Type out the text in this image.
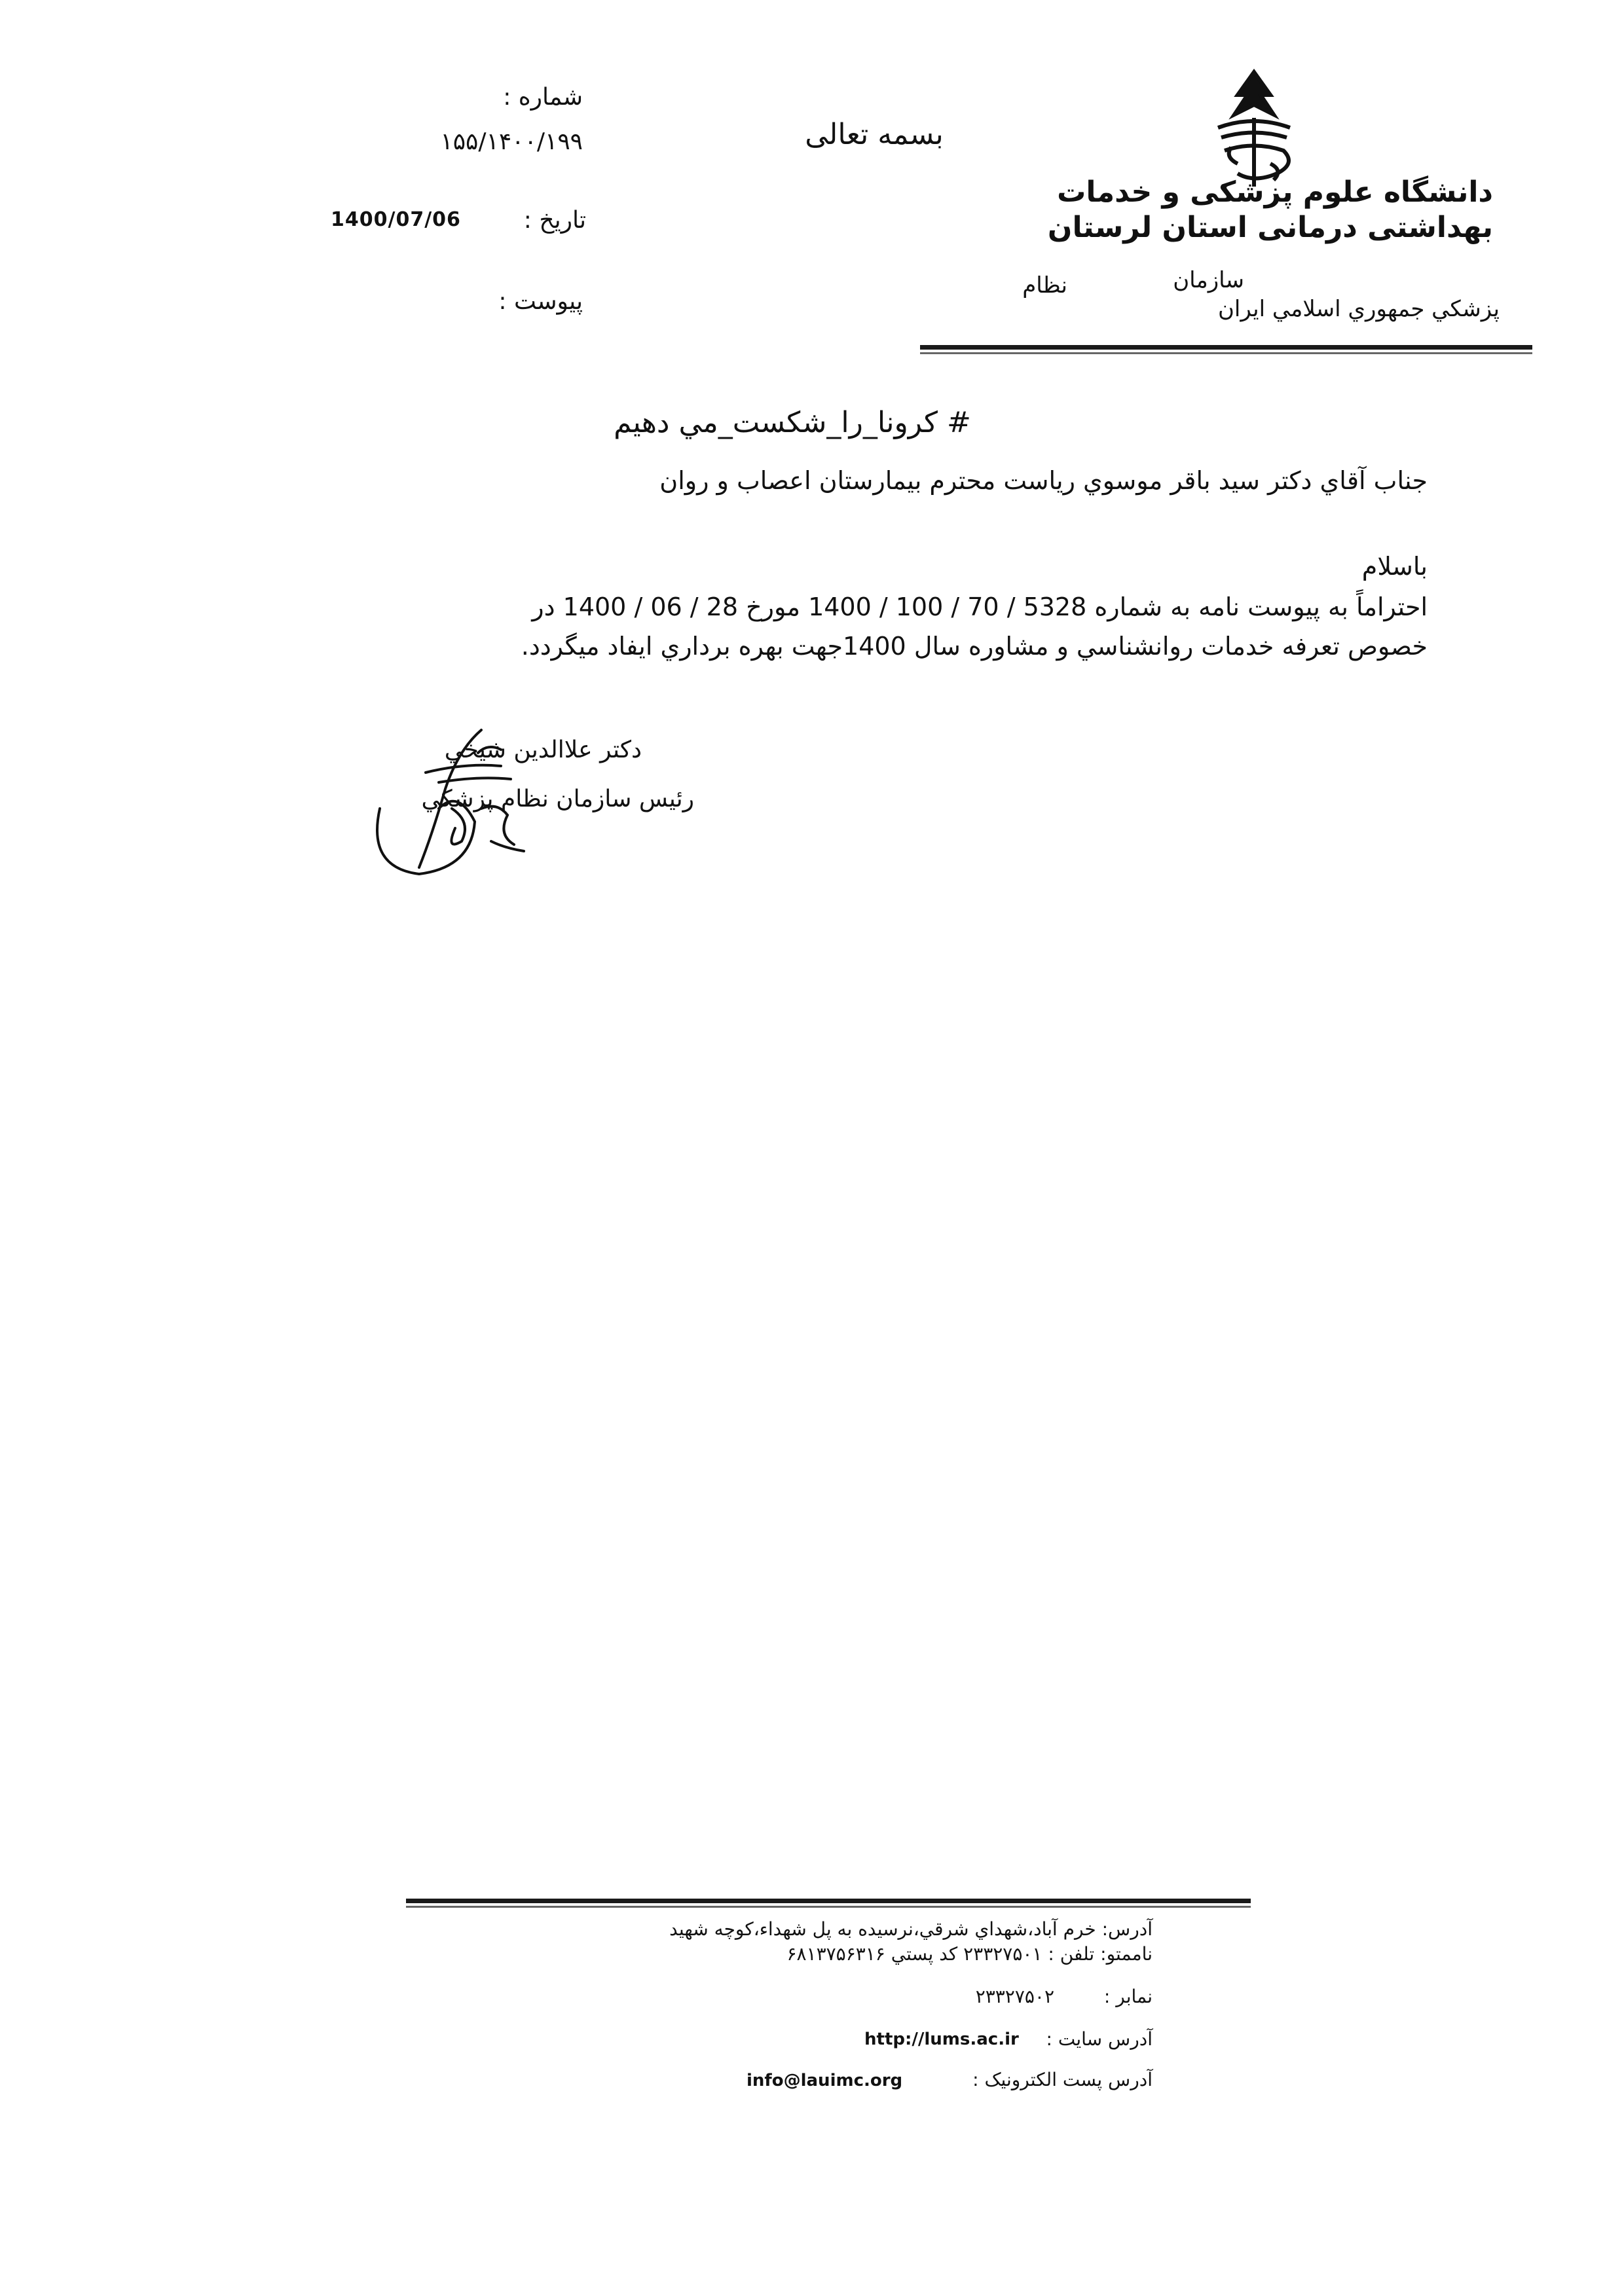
شماره :
۱۵۵/۱۴۰۰/۱۹۹
تاریخ :
1400/07/06
پیوست :
بسمه تعالی
دانشگاه علوم پزشکی و خدمات
بهداشتی درمانی استان لرستان
سازمان
نظام
پزشكي جمهوري اسلامي ايران
# كرونا_را_شكست_مي دهيم
جناب آقاي دكتر سيد باقر موسوي رياست محترم بيمارستان اعصاب و روان
باسلام
احتراماً به پيوست نامه به شماره 5328 / 70 / 100 / 1400 مورخ 28 / 06 / 1400 در
خصوص تعرفه خدمات روانشناسي و مشاوره سال 1400جهت بهره برداري ايفاد ميگردد.
دكتر علاالدين شيخي
رئيس سازمان نظام پزشكي
آدرس: خرم آباد،شهداي شرقي،نرسيده به پل شهداء،كوچه شهيد
ناممتو: تلفن : ۲۳۳۲۷۵۰۱ كد پستي ۶۸۱۳۷۵۶۳۱۶
نمابر :
۲۳۳۲۷۵۰۲
آدرس سايت :
http://lums.ac.ir
آدرس پست الكترونيک :
info@lauimc.org
